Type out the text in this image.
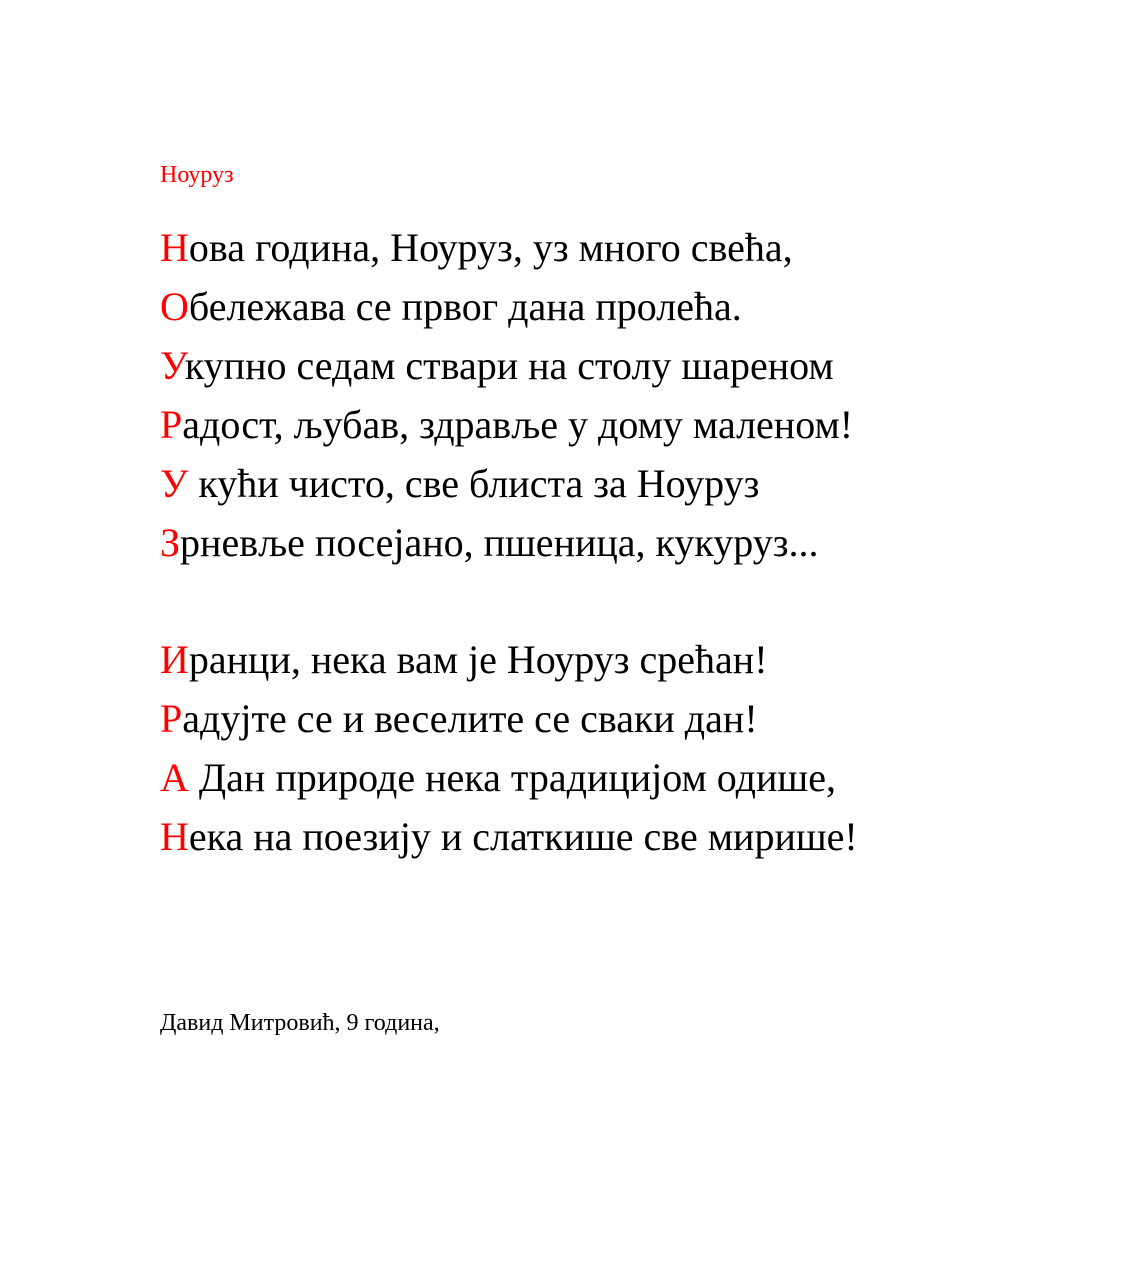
Ноуруз
Нова година, Ноуруз, уз много свећа,
Обележава се првог дана пролећа.
Укупно седам ствари на столу шареном
Радост, љубав, здравље у дому маленом!
У кући чисто, све блиста за Ноуруз
Зрневље посејано, пшеница, кукуруз...
Иранци, нека вам је Ноуруз срећан!
Радујте се и веселите се сваки дан!
А Дан природе нека традицијом одише,
Нека на поезију и слаткише све мирише!
Давид Митровић, 9 година,
